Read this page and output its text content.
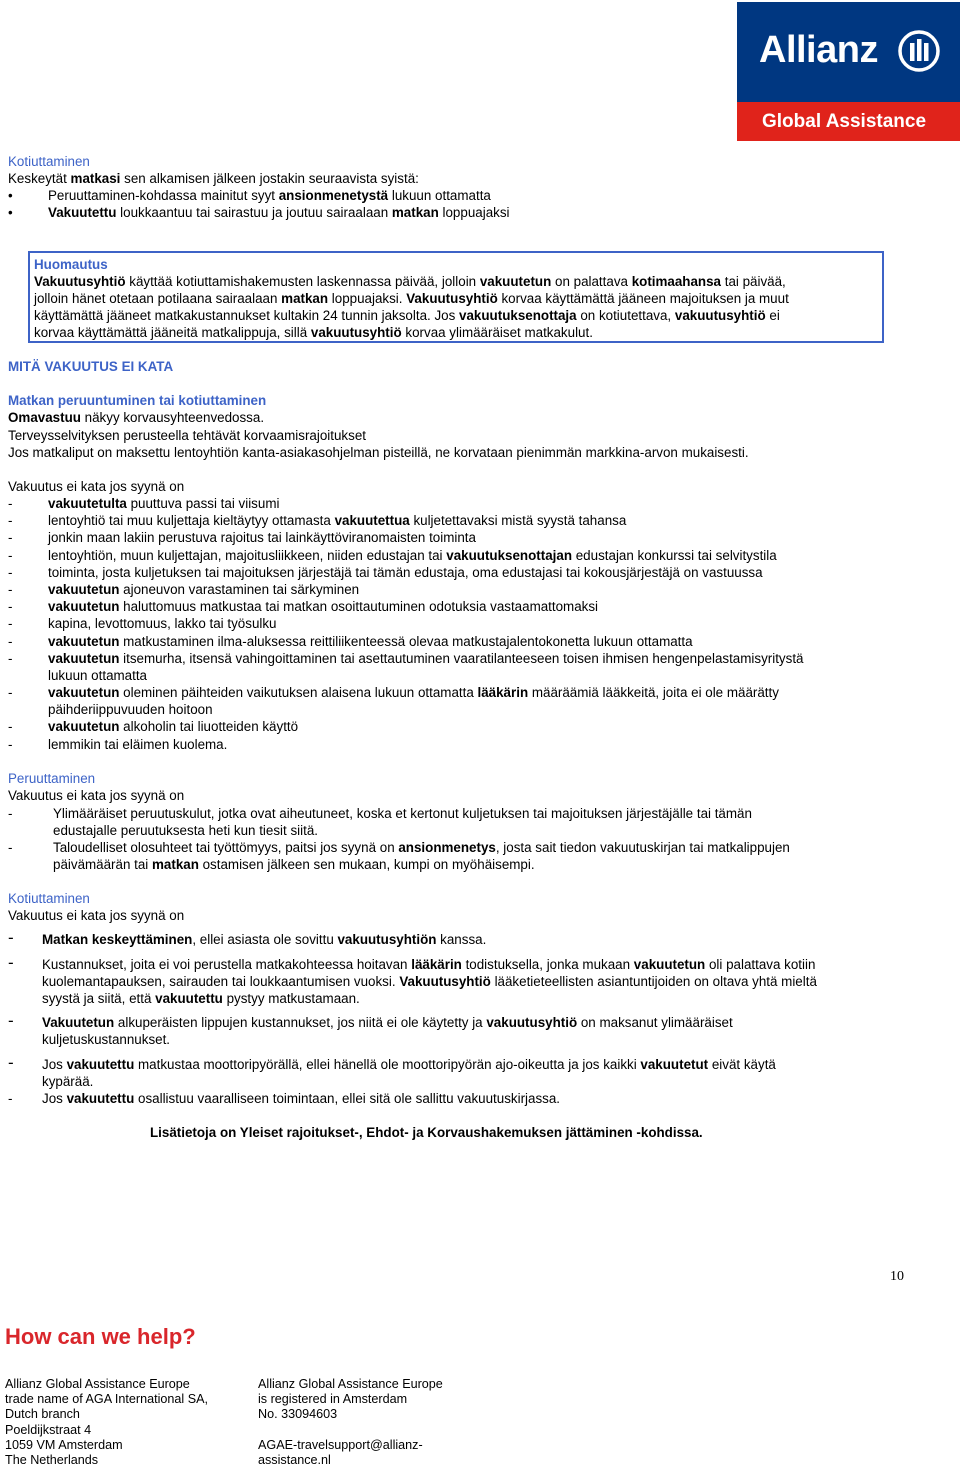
Allianz
Global Assistance

Kotiuttaminen

Keskeytät matkasi sen alkamisen jälkeen jostakin seuraavista syistä:

•	Peruuttaminen-kohdassa mainitut syyt ansionmenetystä lukuun ottamatta
•	Vakuutettu loukkaantuu tai sairastuu ja joutuu sairaalaan matkan loppuajaksi

Huomautus

Vakuutusyhtiö käyttää kotiuttamishakemusten laskennassa päivää, jolloin vakuutetun on palattava kotimaahansa tai päivää,

jolloin hänet otetaan potilaana sairaalaan matkan loppuajaksi. Vakuutusyhtiö korvaa käyttämättä jääneen majoituksen ja muut

käyttämättä jääneet matkakustannukset kultakin 24 tunnin jaksolta. Jos vakuutuksenottaja on kotiutettava, vakuutusyhtiö ei

korvaa käyttämättä jääneitä matkalippuja, sillä vakuutusyhtiö korvaa ylimääräiset matkakulut.

MITÄ VAKUUTUS EI KATA

Matkan peruuntuminen tai kotiuttaminen

Omavastuu näkyy korvausyhteenvedossa.

Terveysselvityksen perusteella tehtävät korvaamisrajoitukset

Jos matkaliput on maksettu lentoyhtiön kanta-asiakasohjelman pisteillä, ne korvataan pienimmän markkina-arvon mukaisesti.

Vakuutus ei kata jos syynä on

-	vakuutetulta puuttuva passi tai viisumi

-	lentoyhtiö tai muu kuljettaja kieltäytyy ottamasta vakuutettua kuljetettavaksi mistä syystä tahansa

-	jonkin maan lakiin perustuva rajoitus tai lainkäyttöviranomaisten toiminta

-	lentoyhtiön, muun kuljettajan, majoitusliikkeen, niiden edustajan tai vakuutuksenottajan edustajan konkurssi tai selvitystila

-	toiminta, josta kuljetuksen tai majoituksen järjestäjä tai tämän edustaja, oma edustajasi tai kokousjärjestäjä on vastuussa

-	vakuutetun ajoneuvon varastaminen tai särkyminen

-	vakuutetun haluttomuus matkustaa tai matkan osoittautuminen odotuksia vastaamattomaksi

-	kapina, levottomuus, lakko tai työsulku

-	vakuutetun matkustaminen ilma-aluksessa reittiliikenteessä olevaa matkustajalentokonetta lukuun ottamatta

-	vakuutetun itsemurha, itsensä vahingoittaminen tai asettautuminen vaaratilanteeseen toisen ihmisen hengenpelastamisyritystä

lukuun ottamatta

-	vakuutetun oleminen päihteiden vaikutuksen alaisena lukuun ottamatta lääkärin määräämiä lääkkeitä, joita ei ole määrätty

päihderiippuvuuden hoitoon

-	vakuutetun alkoholin tai liuotteiden käyttö

-	lemmikin tai eläimen kuolema.

Peruuttaminen

Vakuutus ei kata jos syynä on

-	Ylimääräiset peruutuskulut, jotka ovat aiheutuneet, koska et kertonut kuljetuksen tai majoituksen järjestäjälle tai tämän

edustajalle peruutuksesta heti kun tiesit siitä.

-	Taloudelliset olosuhteet tai työttömyys, paitsi jos syynä on ansionmenetys, josta sait tiedon vakuutuskirjan tai matkalippujen

päivämäärän tai matkan ostamisen jälkeen sen mukaan, kumpi on myöhäisempi.

Kotiuttaminen

Vakuutus ei kata jos syynä on

- Matkan keskeyttäminen, ellei asiasta ole sovittu vakuutusyhtiön kanssa.

- Kustannukset, joita ei voi perustella matkakohteessa hoitavan lääkärin todistuksella, jonka mukaan vakuutetun oli palattava kotiin

kuolemantapauksen, sairauden tai loukkaantumisen vuoksi. Vakuutusyhtiö lääketieteellisten asiantuntijoiden on oltava yhtä mieltä

syystä ja siitä, että vakuutettu pystyy matkustamaan.

- Vakuutetun alkuperäisten lippujen kustannukset, jos niitä ei ole käytetty ja vakuutusyhtiö on maksanut ylimääräiset

kuljetuskustannukset.

- Jos vakuutettu matkustaa moottoripyörällä, ellei hänellä ole moottoripyörän ajo-oikeutta ja jos kaikki vakuutetut eivät käytä

kypärää.

-	Jos vakuutettu osallistuu vaaralliseen toimintaan, ellei sitä ole sallittu vakuutuskirjassa.

Lisätietoja on Yleiset rajoitukset-, Ehdot- ja Korvaushakemuksen jättäminen -kohdissa.

10
How can we help?
Allianz Global Assistance Europe
trade name of AGA International SA,
Dutch branch
Poeldijkstraat 4
1059 VM Amsterdam
The Netherlands
Allianz Global Assistance Europe
is registered in Amsterdam
No. 33094603
AGAE-travelsupport@allianz-
assistance.nl
